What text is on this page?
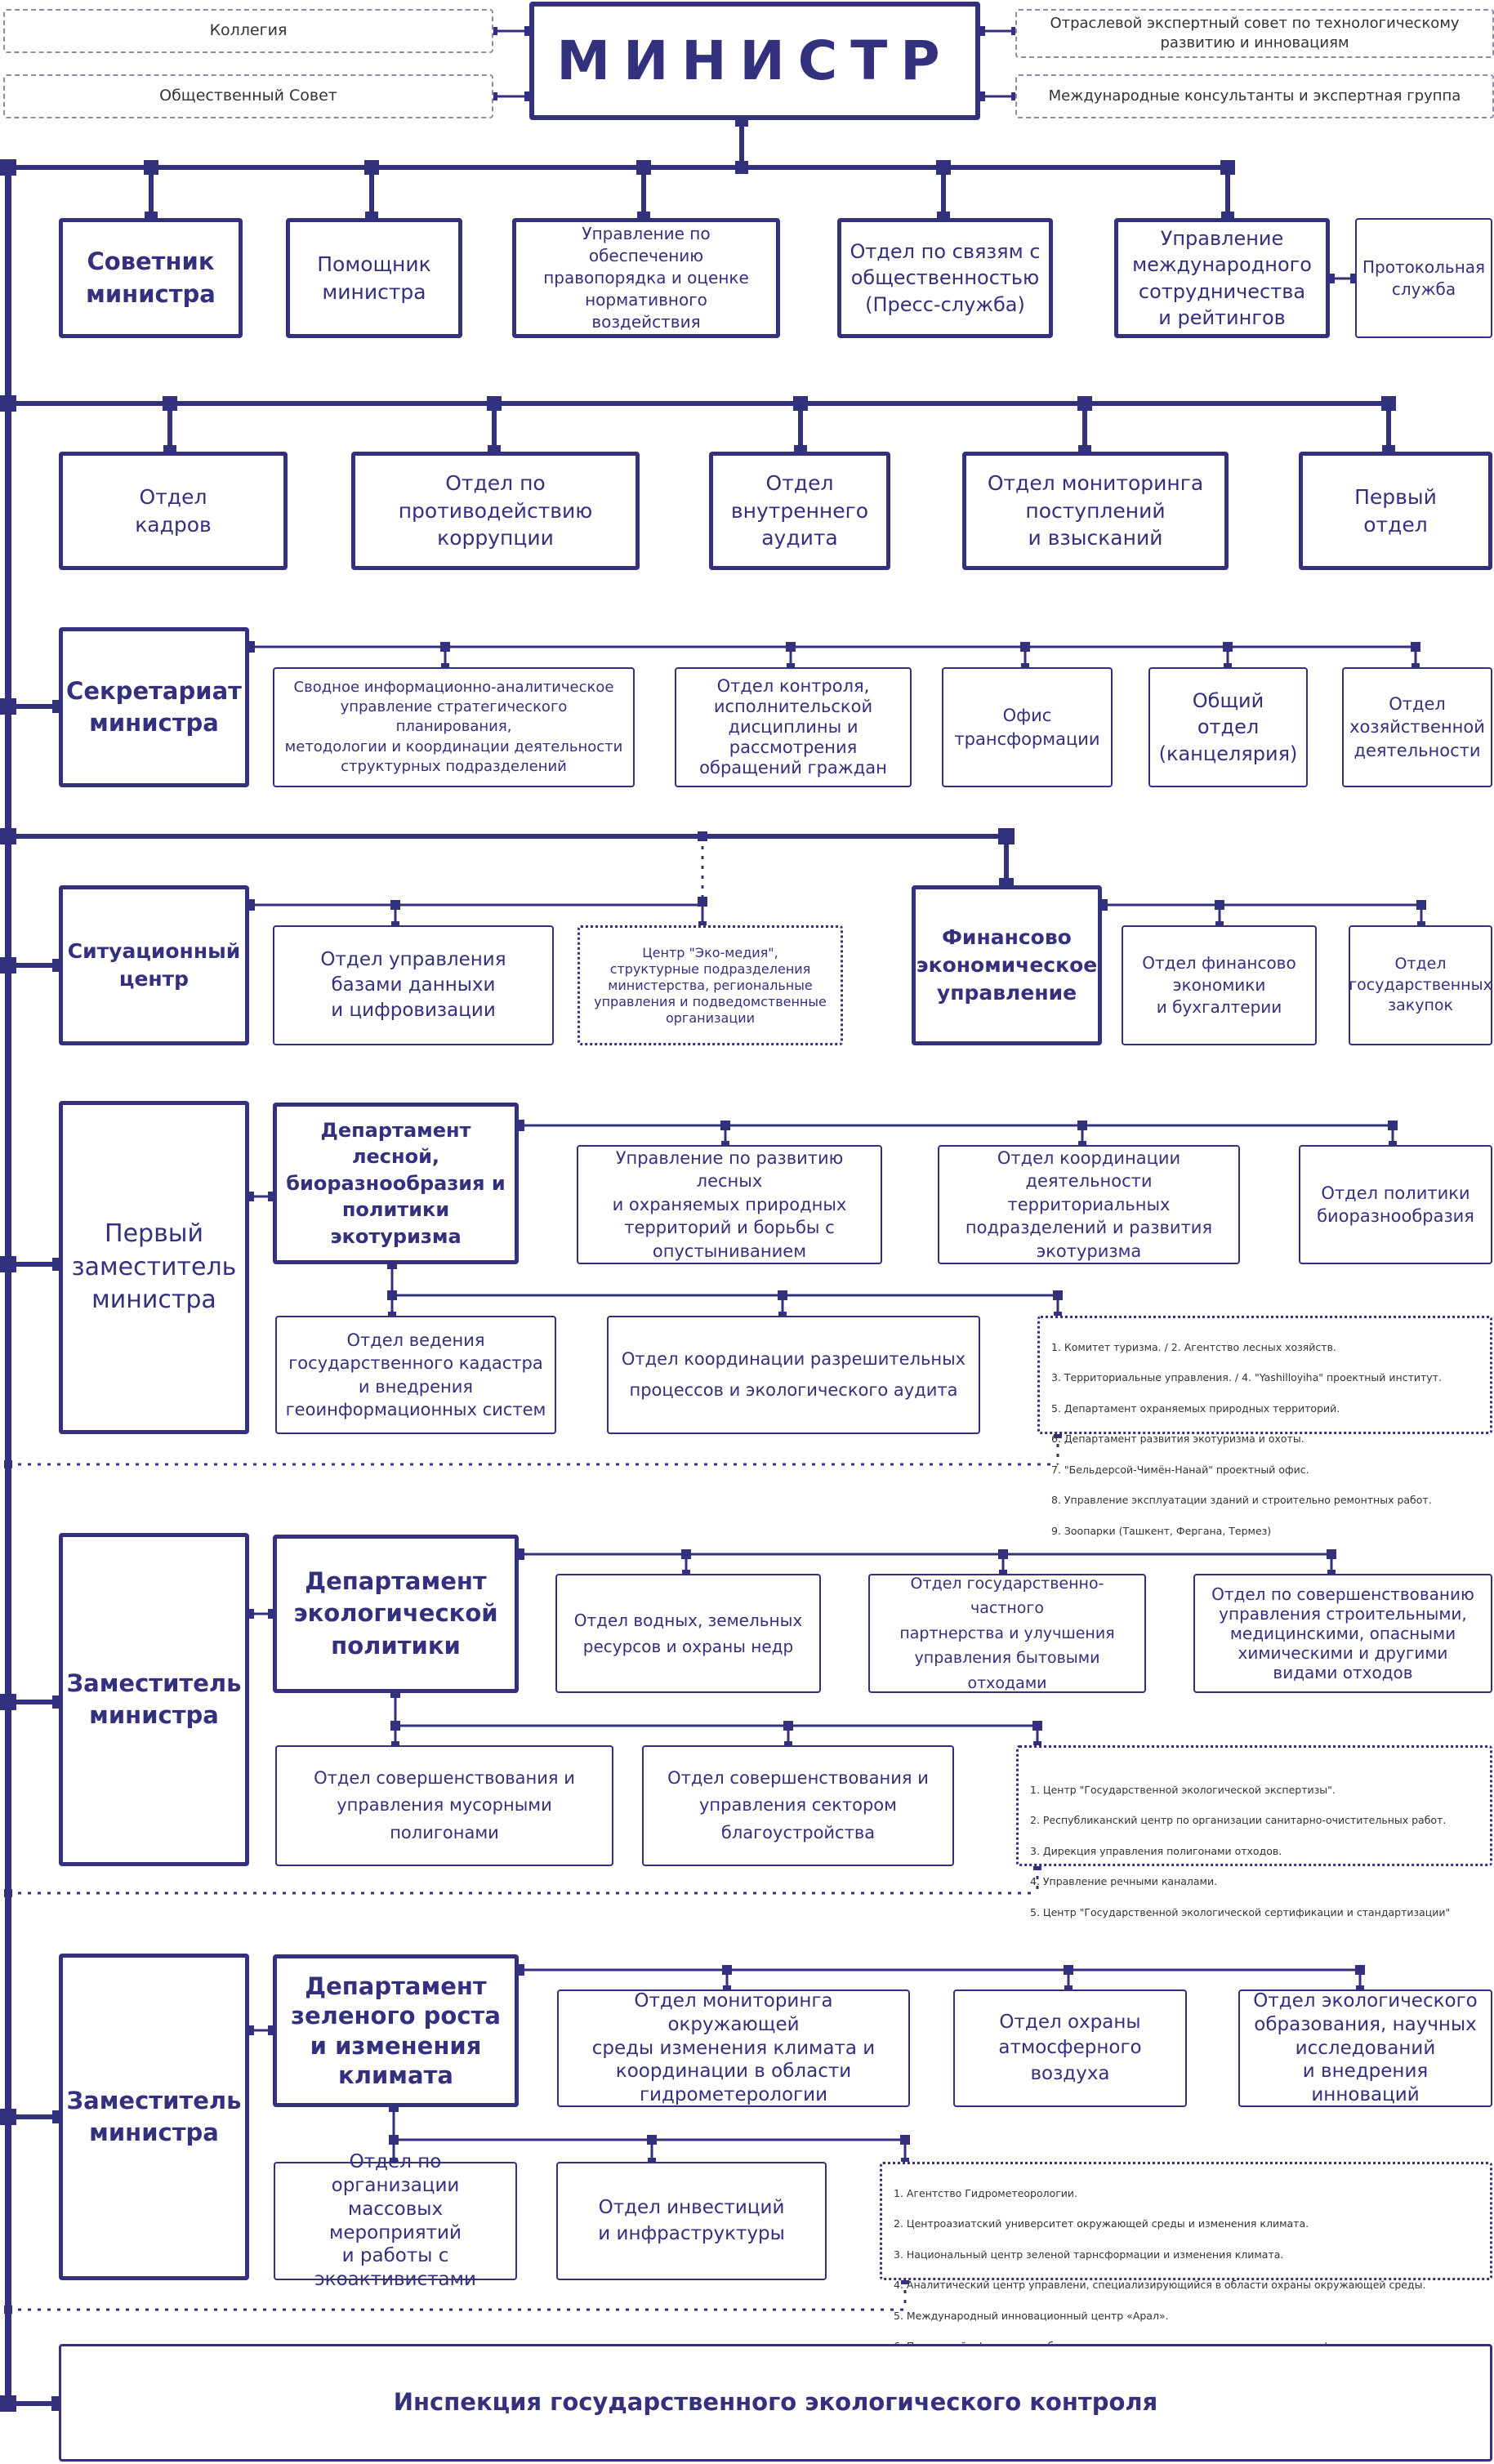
Коллегия
Общественный Совет
МИНИСТР
Отраслевой экспертный совет по технологическому развитию и инновациям
Международные консультанты и экспертная группа
Советник
министра
Помощник
министра
Управление по обеспечению
правопорядка и оценке
нормативного
воздействия
Отдел по связям с
общественностью
(Пресс-служба)
Управление
международного
сотрудничества
и рейтингов
Протокольная
служба
Отдел
кадров
Отдел по
противодействию
коррупции
Отдел
внутреннего
аудита
Отдел мониторинга
поступлений
и взысканий
Первый
отдел
Секретариат
министра
Сводное информационно-аналитическое
управление стратегического планирования,
методологии и координации деятельности
структурных подразделений
Отдел контроля,
исполнительской
дисциплины и
рассмотрения
обращений граждан
Офис
трансформации
Общий
отдел
(канцелярия)
Отдел
хозяйственной
деятельности
Ситуационный
центр
Отдел управления
базами данныхи
и цифровизации
Центр "Эко-медия",
структурные подразделения
министерства, региональные
управления и подведомственные
организации
Финансово
экономическое
управление
Отдел финансово
экономики
и бухгалтерии
Отдел
государственных
закупок
Первый
заместитель
министра
Департамент лесной,
биоразнообразия и
политики экотуризма
Управление по развитию лесных
и охраняемых природных
территорий и борьбы с
опустыниванием
Отдел координации
деятельности территориальных
подразделений и развития
экотуризма
Отдел политики
биоразнообразия
Отдел ведения
государственного кадастра
и внедрения
геоинформационных систем
Отдел координации разрешительных
процессов и экологического аудита

1. Комитет туризма. / 2. Агентство лесных хозяйств.

3. Территориальные управления. / 4. "Yashilloyiha" проектный институт.

5. Департамент охраняемых природных территорий.

6. Департамент развития экотуризма и охоты.

7. "Бельдерсой-Чимён-Нанай" проектный офис.

8. Управление эксплуатации зданий и строительно ремонтных работ.

9. Зоопарки (Ташкент, Фергана, Термез)

Заместитель
министра
Департамент
экологической
политики
Отдел водных, земельных
ресурсов и охраны недр
Отдел государственно-частного
партнерства и улучшения
управления бытовыми отходами
Отдел по совершенствованию
управления строительными,
медицинскими, опасными
химическими и другими
видами отходов
Отдел совершенствования и
управления мусорными
полигонами
Отдел совершенствования и
управления сектором
благоустройства

1. Центр "Государственной экологической экспертизы".

2. Республиканский центр по организации санитарно-очистительных работ.

3. Дирекция управления полигонами отходов.

4. Управление речными каналами.

5. Центр "Государственной экологической сертификации и стандартизации"

Заместитель
министра
Департамент
зеленого роста
и изменения
климата
Отдел мониторинга окружающей
среды изменения климата и
координации в области
гидрометерологии
Отдел охраны
атмосферного
воздуха
Отдел экологического
образования, научных
исследований
и внедрения инноваций
Отдел по организации
массовых мероприятий
и работы с
экоактивистами
Отдел инвестиций
и инфраструктуры

1. Агентство Гидрометеорологии.

2. Центроазиатский университет окружающей среды и изменения климата.

3. Национальный центр зеленой тарнсформации и изменения климата.

4. Аналитический центр управлени, специализирующийся в области охраны окружающей среды.

5. Международный инновационный центр «Арал».

Инспекция государственного экологического контроля
